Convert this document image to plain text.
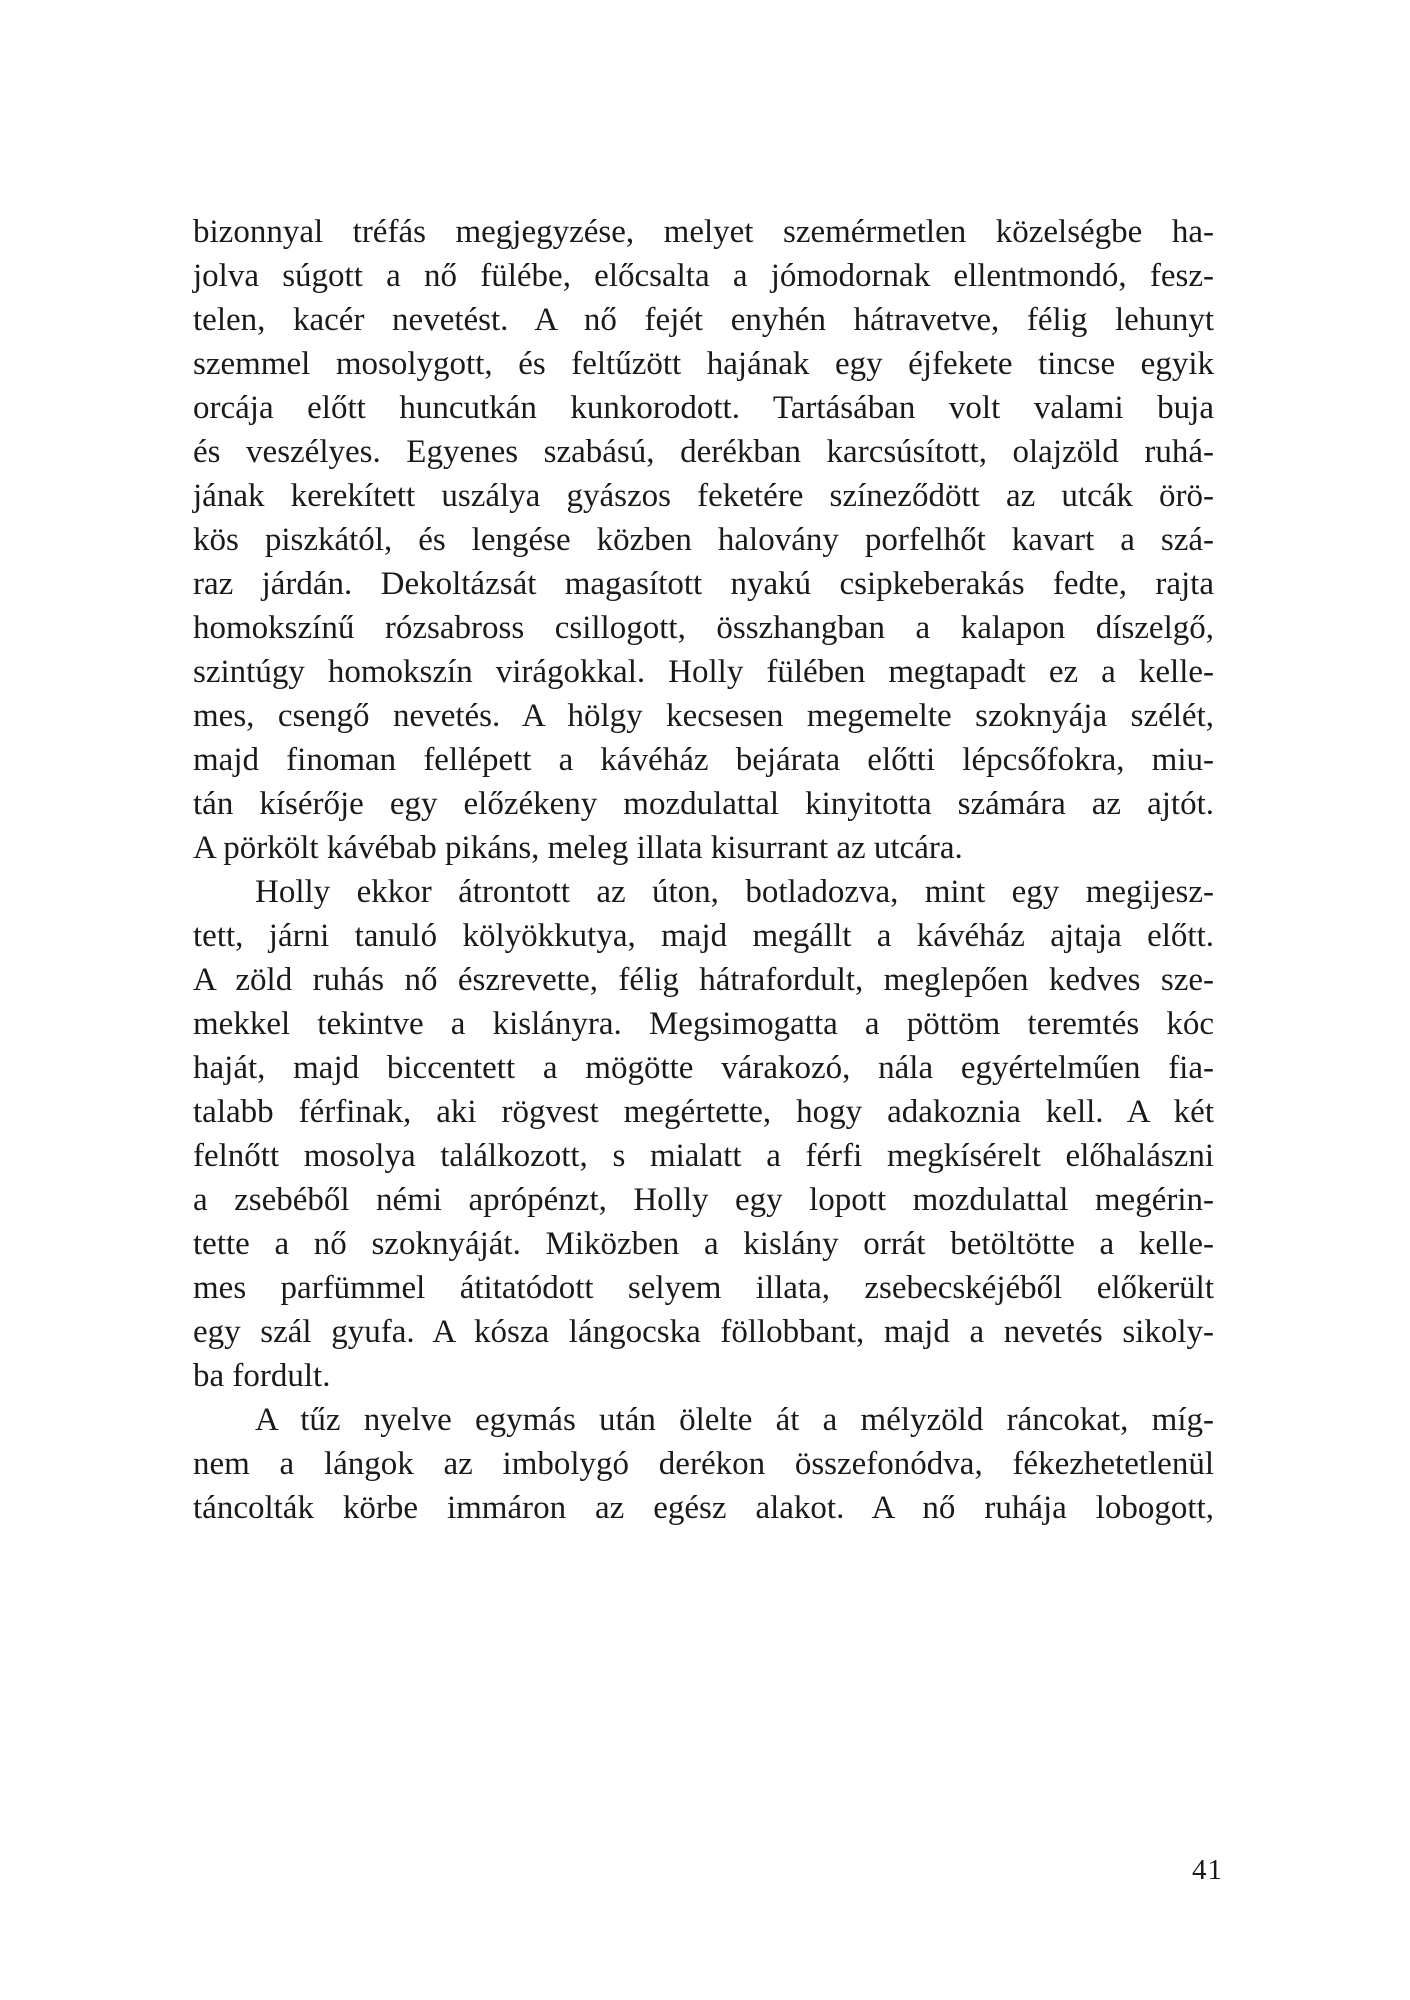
bizonnyal tréfás megjegyzése, melyet szemérmetlen közelségbe ha-
jolva súgott a nő fülébe, előcsalta a jómodornak ellentmondó, fesz-
telen, kacér nevetést. A nő fejét enyhén hátravetve, félig lehunyt
szemmel mosolygott, és feltűzött hajának egy éjfekete tincse egyik
orcája előtt huncutkán kunkorodott. Tartásában volt valami buja
és veszélyes. Egyenes szabású, derékban karcsúsított, olajzöld ruhá-
jának kerekített uszálya gyászos feketére színeződött az utcák örö-
kös piszkától, és lengése közben halovány porfelhőt kavart a szá-
raz járdán. Dekoltázsát magasított nyakú csipkeberakás fedte, rajta
homokszínű rózsabross csillogott, összhangban a kalapon díszelgő,
szintúgy homokszín virágokkal. Holly fülében megtapadt ez a kelle-
mes, csengő nevetés. A hölgy kecsesen megemelte szoknyája szélét,
majd finoman fellépett a kávéház bejárata előtti lépcsőfokra, miu-
tán kísérője egy előzékeny mozdulattal kinyitotta számára az ajtót.
A pörkölt kávébab pikáns, meleg illata kisurrant az utcára.
Holly ekkor átrontott az úton, botladozva, mint egy megijesz-
tett, járni tanuló kölyökkutya, majd megállt a kávéház ajtaja előtt.
A zöld ruhás nő észrevette, félig hátrafordult, meglepően kedves sze-
mekkel tekintve a kislányra. Megsimogatta a pöttöm teremtés kóc
haját, majd biccentett a mögötte várakozó, nála egyértelműen fia-
talabb férfinak, aki rögvest megértette, hogy adakoznia kell. A két
felnőtt mosolya találkozott, s mialatt a férfi megkísérelt előhalászni
a zsebéből némi aprópénzt, Holly egy lopott mozdulattal megérin-
tette a nő szoknyáját. Miközben a kislány orrát betöltötte a kelle-
mes parfümmel átitatódott selyem illata, zsebecskéjéből előkerült
egy szál gyufa. A kósza lángocska föllobbant, majd a nevetés sikoly-
ba fordult.
A tűz nyelve egymás után ölelte át a mélyzöld ráncokat, míg-
nem a lángok az imbolygó derékon összefonódva, fékezhetetlenül
táncolták körbe immáron az egész alakot. A nő ruhája lobogott,
41
